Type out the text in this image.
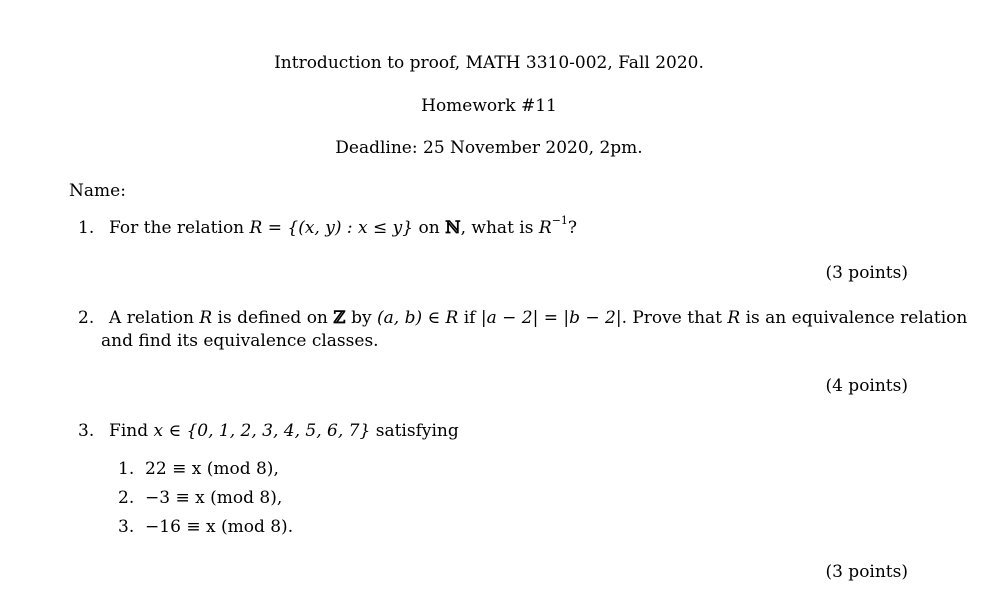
Introduction to proof, MATH 3310-002, Fall 2020.
Homework #11
Deadline: 25 November 2020, 2pm.
Name:
1. For the relation R = {(x, y) : x ≤ y} on ℕ, what is $R^{-1}$?
(3 points)
2. A relation R is defined on ℤ by (a, b) ∈ R if |a − 2| = |b − 2|. Prove that R is an equivalence relation
and find its equivalence classes.
(4 points)
3. Find x ∈ {0, 1, 2, 3, 4, 5, 6, 7} satisfying
1. 22 ≡ x (mod 8),
2. −3 ≡ x (mod 8),
3. −16 ≡ x (mod 8).
(3 points)
